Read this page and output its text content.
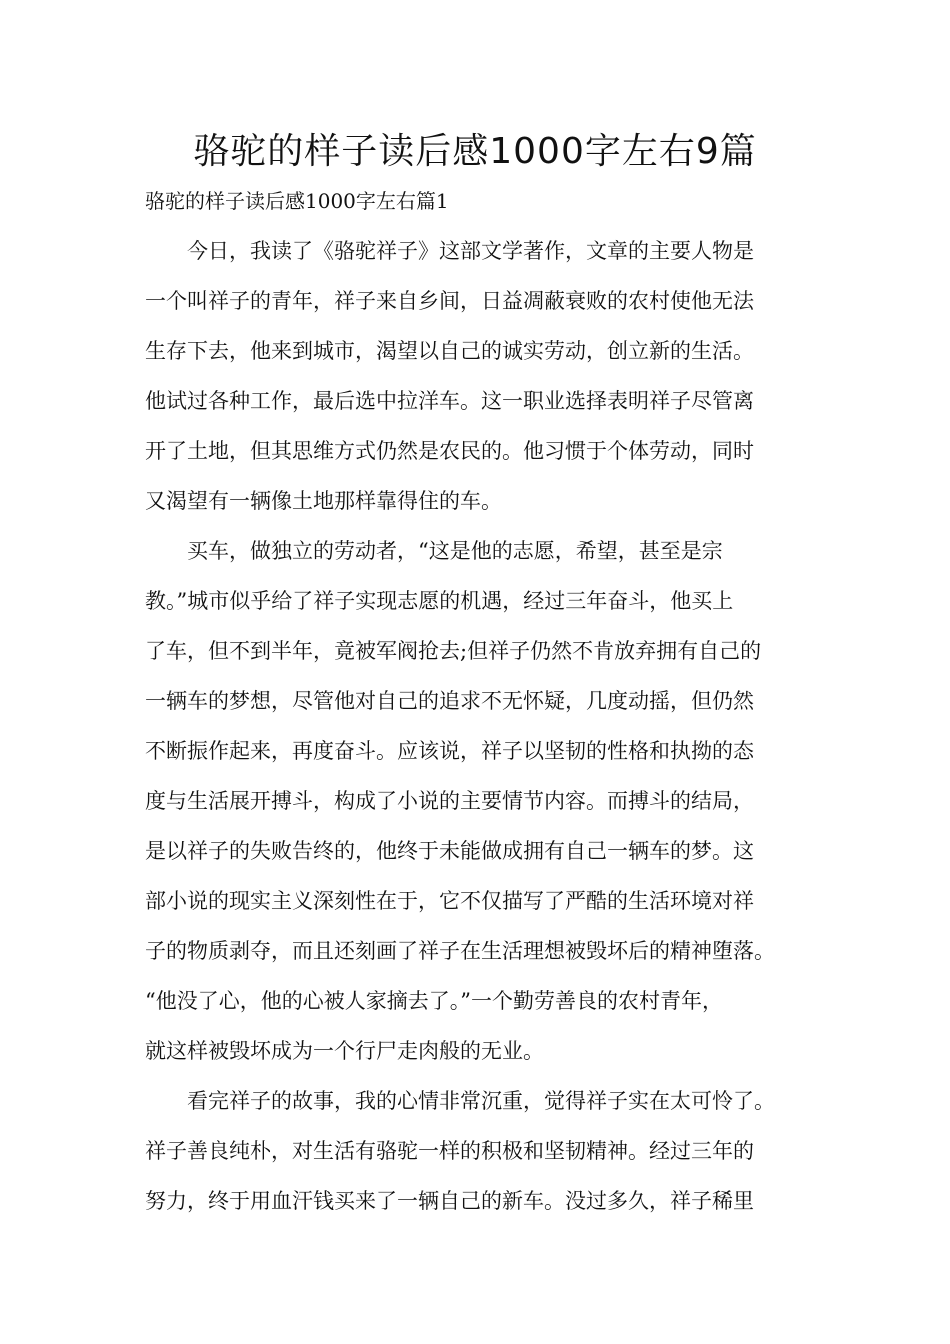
骆驼的样子读后感1000字左右9篇
骆驼的样子读后感1000字左右篇1

　　今日，我读了《骆驼祥子》这部文学著作，文章的主要人物是

一个叫祥子的青年，祥子来自乡间，日益凋蔽衰败的农村使他无法

生存下去，他来到城市，渴望以自己的诚实劳动，创立新的生活。

他试过各种工作，最后选中拉洋车。这一职业选择表明祥子尽管离

开了土地，但其思维方式仍然是农民的。他习惯于个体劳动，同时

又渴望有一辆像土地那样靠得住的车。

　　买车，做独立的劳动者，“这是他的志愿，希望，甚至是宗

教。”城市似乎给了祥子实现志愿的机遇，经过三年奋斗，他买上

了车，但不到半年，竟被军阀抢去;但祥子仍然不肯放弃拥有自己的

一辆车的梦想，尽管他对自己的追求不无怀疑，几度动摇，但仍然

不断振作起来，再度奋斗。应该说，祥子以坚韧的性格和执拗的态

度与生活展开搏斗，构成了小说的主要情节内容。而搏斗的结局，

是以祥子的失败告终的，他终于未能做成拥有自己一辆车的梦。这

部小说的现实主义深刻性在于，它不仅描写了严酷的生活环境对祥

子的物质剥夺，而且还刻画了祥子在生活理想被毁坏后的精神堕落。

“他没了心，他的心被人家摘去了。”一个勤劳善良的农村青年，

就这样被毁坏成为一个行尸走肉般的无业。

　　看完祥子的故事，我的心情非常沉重，觉得祥子实在太可怜了。

祥子善良纯朴，对生活有骆驼一样的积极和坚韧精神。经过三年的

努力，终于用血汗钱买来了一辆自己的新车。没过多久，祥子稀里
